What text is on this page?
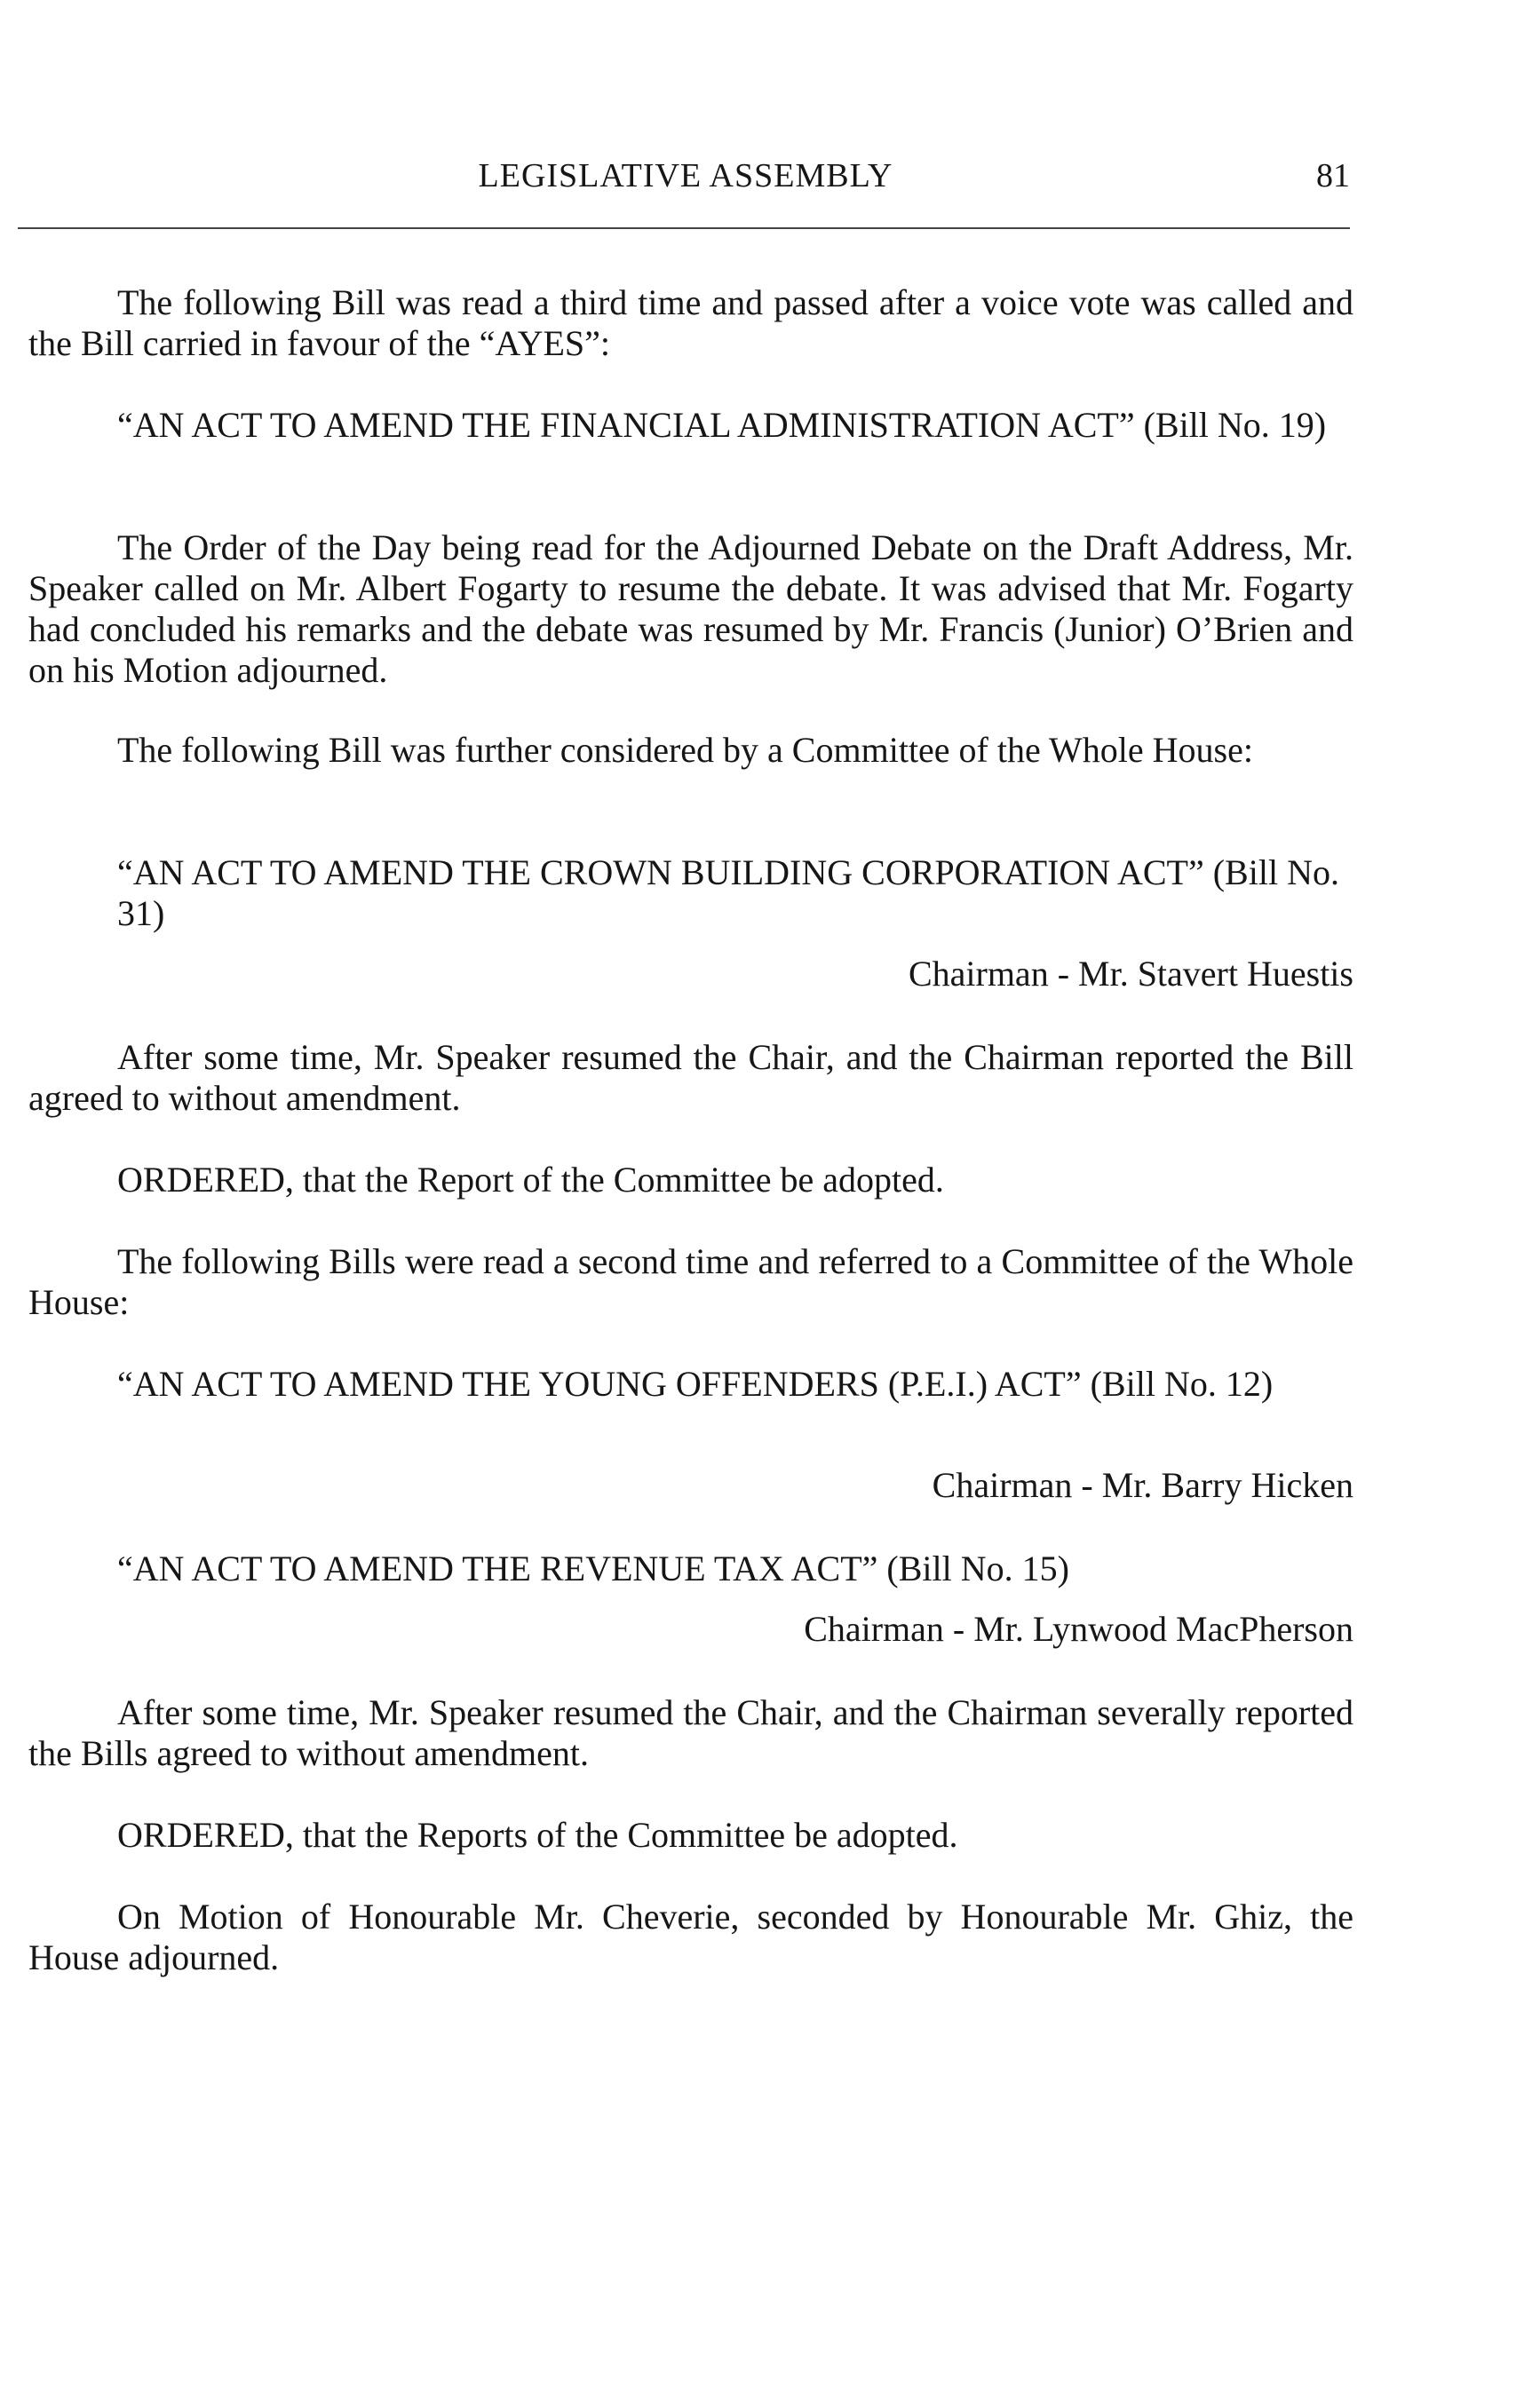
LEGISLATIVE ASSEMBLY	81

The following Bill was read a third time and passed after a voice vote was called and the Bill carried in favour of the “AYES”:

“AN ACT TO AMEND THE FINANCIAL ADMINISTRATION ACT” (Bill No. 19)

The Order of the Day being read for the Adjourned Debate on the Draft Address, Mr. Speaker called on Mr. Albert Fogarty to resume the debate. It was advised that Mr. Fogarty had concluded his remarks and the debate was resumed by Mr. Francis (Junior) O’Brien and on his Motion adjourned.

The following Bill was further considered by a Committee of the Whole House:

“AN ACT TO AMEND THE CROWN BUILDING CORPORATION ACT” (Bill No. 31)

Chairman - Mr. Stavert Huestis

After some time, Mr. Speaker resumed the Chair, and the Chairman reported the Bill agreed to without amendment.

ORDERED, that the Report of the Committee be adopted.

The following Bills were read a second time and referred to a Committee of the Whole House:

“AN ACT TO AMEND THE YOUNG OFFENDERS (P.E.I.) ACT” (Bill No. 12)

Chairman - Mr. Barry Hicken

“AN ACT TO AMEND THE REVENUE TAX ACT” (Bill No. 15)

Chairman - Mr. Lynwood MacPherson

After some time, Mr. Speaker resumed the Chair, and the Chairman severally reported the Bills agreed to without amendment.

ORDERED, that the Reports of the Committee be adopted.

On Motion of Honourable Mr. Cheverie, seconded by Honourable Mr. Ghiz, the House adjourned.
